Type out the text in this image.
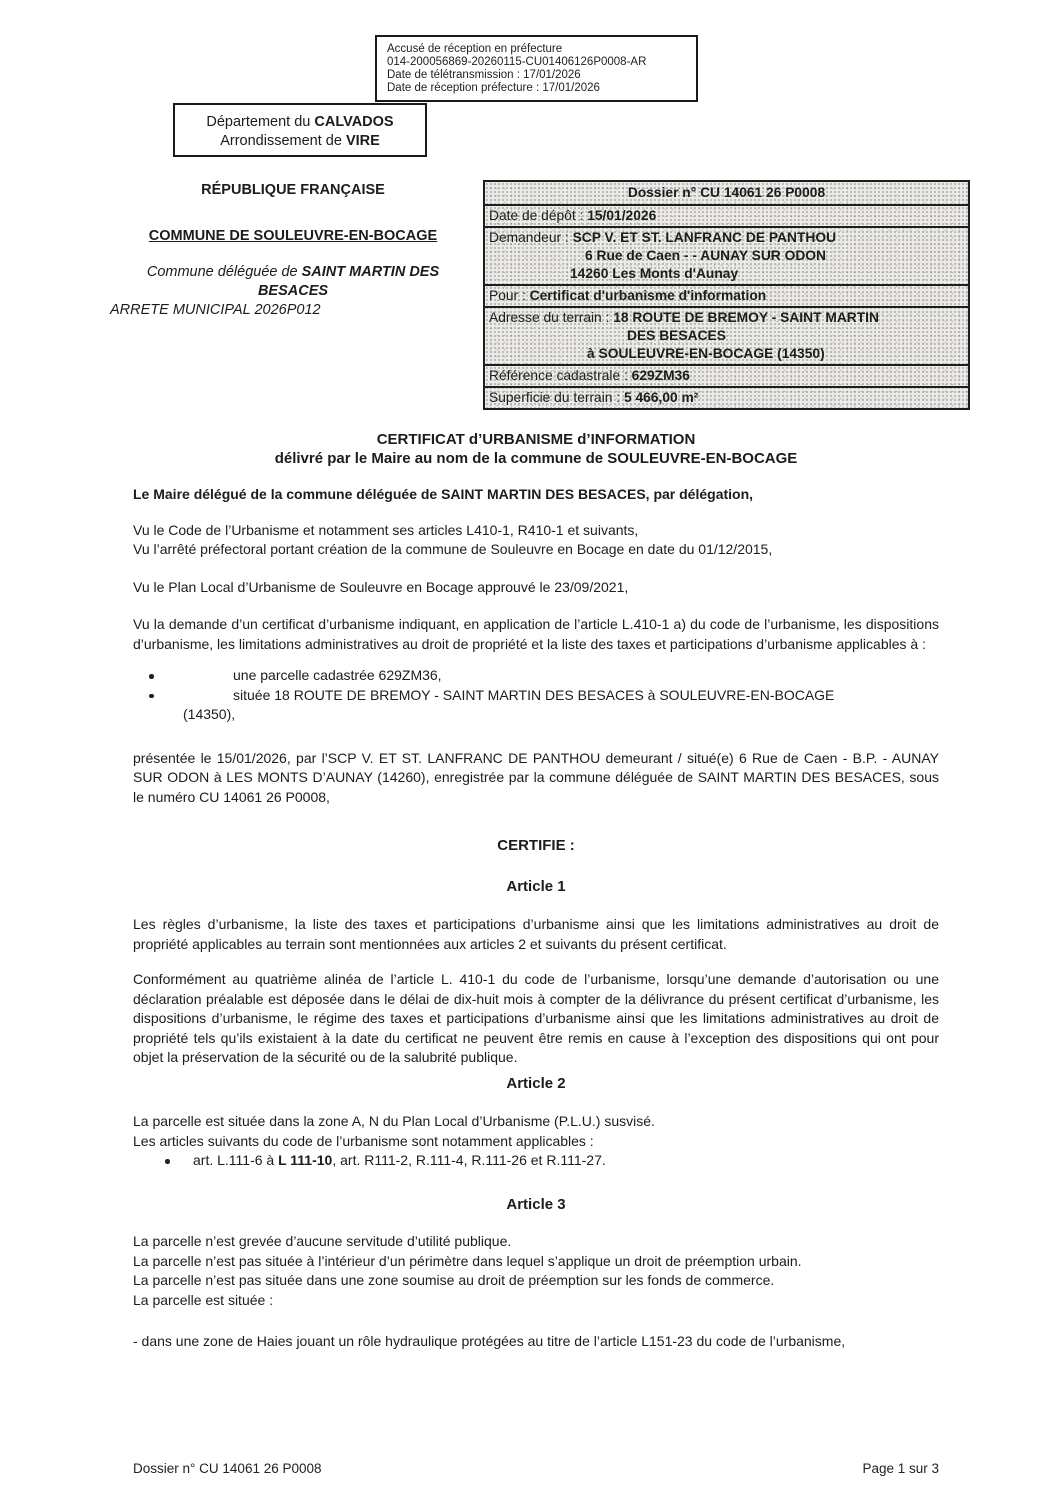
Accusé de réception en préfecture
014-200056869-20260115-CU01406126P0008-AR
Date de télétransmission : 17/01/2026
Date de réception préfecture : 17/01/2026
Département du CALVADOS
Arrondissement de VIRE
RÉPUBLIQUE FRANÇAISE
COMMUNE DE SOULEUVRE-EN-BOCAGE
Commune déléguée de SAINT MARTIN DES BESACES
ARRETE MUNICIPAL 2026P012
Dossier n° CU 14061 26 P0008
Date de dépôt : 15/01/2026
Demandeur : SCP V. ET ST. LANFRANC DE PANTHOU
6 Rue de Caen - - AUNAY SUR ODON
14260 Les Monts d'Aunay
Pour : Certificat d'urbanisme d'information
Adresse du terrain : 18 ROUTE DE BREMOY - SAINT MARTIN
DES BESACES
à SOULEUVRE-EN-BOCAGE (14350)
Référence cadastrale : 629ZM36
Superficie du terrain : 5 466,00 m²
CERTIFICAT d’URBANISME d’INFORMATION
délivré par le Maire au nom de la commune de SOULEUVRE-EN-BOCAGE

Le Maire délégué de la commune déléguée de SAINT MARTIN DES BESACES, par délégation,

Vu le Code de l’Urbanisme et notamment ses articles L410-1, R410-1 et suivants,
Vu l’arrêté préfectoral portant création de la commune de Souleuvre en Bocage en date du 01/12/2015,

Vu le Plan Local d’Urbanisme de Souleuvre en Bocage approuvé le 23/09/2021,

Vu la demande d’un certificat d’urbanisme indiquant, en application de l’article L.410-1 a) du code de l’urbanisme, les dispositions d’urbanisme, les limitations administratives au droit de propriété et la liste des taxes et participations d’urbanisme applicables à :

une parcelle cadastrée 629ZM36,
située 18 ROUTE DE BREMOY - SAINT MARTIN DES BESACES à SOULEUVRE-EN-BOCAGE
(14350),

présentée le 15/01/2026, par l’SCP V. ET ST. LANFRANC DE PANTHOU demeurant / situé(e) 6 Rue de Caen - B.P. - AUNAY SUR ODON à LES MONTS D’AUNAY (14260), enregistrée par la commune déléguée de SAINT MARTIN DES BESACES, sous le numéro CU 14061 26 P0008,

CERTIFIE :
Article 1

Les règles d’urbanisme, la liste des taxes et participations d’urbanisme ainsi que les limitations administratives au droit de propriété applicables au terrain sont mentionnées aux articles 2 et suivants du présent certificat.

Conformément au quatrième alinéa de l’article L. 410-1 du code de l’urbanisme, lorsqu’une demande d’autorisation ou une déclaration préalable est déposée dans le délai de dix-huit mois à compter de la délivrance du présent certificat d’urbanisme, les dispositions d’urbanisme, le régime des taxes et participations d’urbanisme ainsi que les limitations administratives au droit de propriété tels qu’ils existaient à la date du certificat ne peuvent être remis en cause à l’exception des dispositions qui ont pour objet la préservation de la sécurité ou de la salubrité publique.

Article 2

La parcelle est située dans la zone A, N du Plan Local d’Urbanisme (P.L.U.) susvisé.
Les articles suivants du code de l’urbanisme sont notamment applicables :

art. L.111-6 à L 111-10, art. R111-2, R.111-4, R.111-26 et R.111-27.
Article 3

La parcelle n’est grevée d’aucune servitude d’utilité publique.
La parcelle n’est pas située à l’intérieur d’un périmètre dans lequel s’applique un droit de préemption urbain.
La parcelle n’est pas située dans une zone soumise au droit de préemption sur les fonds de commerce.
La parcelle est située :

- dans une zone de Haies jouant un rôle hydraulique protégées au titre de l’article L151-23 du code de l’urbanisme,

Dossier n° CU 14061 26 P0008	Page 1 sur 3
